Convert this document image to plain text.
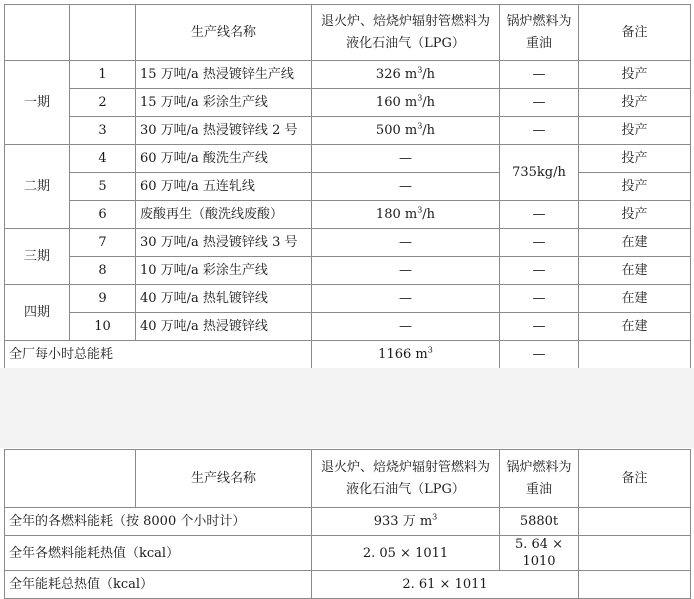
		生产线名称	退火炉、焙烧炉辐射管燃料为液化石油气（LPG）	锅炉燃料为重油	备注
一期	1	15 万吨/a 热浸镀锌生产线	326 $m^3/h$	—	投产
	2	15 万吨/a 彩涂生产线	160 $m^3/h$	—	投产
	3	30 万吨/a 热浸镀锌线 2 号	500 $m^3/h$	—	投产
二期	4	60 万吨/a 酸洗生产线	—	735kg/h	投产
	5	60 万吨/a 五连轧线	—		投产
	6	废酸再生（酸洗线废酸）	180 $m^3/h$	—	投产
三期	7	30 万吨/a 热浸镀锌线 3 号	—	—	在建
	8	10 万吨/a 彩涂生产线	—	—	在建
四期	9	40 万吨/a 热轧镀锌线	—	—	在建
	10	40 万吨/a 热浸镀锌线	—	—	在建
全厂每小时总能耗			1166 $m^3$	—	
	生产线名称	退火炉、焙烧炉辐射管燃料为液化石油气（LPG）	锅炉燃料为重油	备注
全年的各燃料能耗（按 8000 个小时计）		933 万 $m^3$	5880t	
全年各燃料能耗热值（kcal）		2. 05 × 1011	5. 64 × 1010	
全年能耗总热值（kcal）		2. 61 × 1011		
